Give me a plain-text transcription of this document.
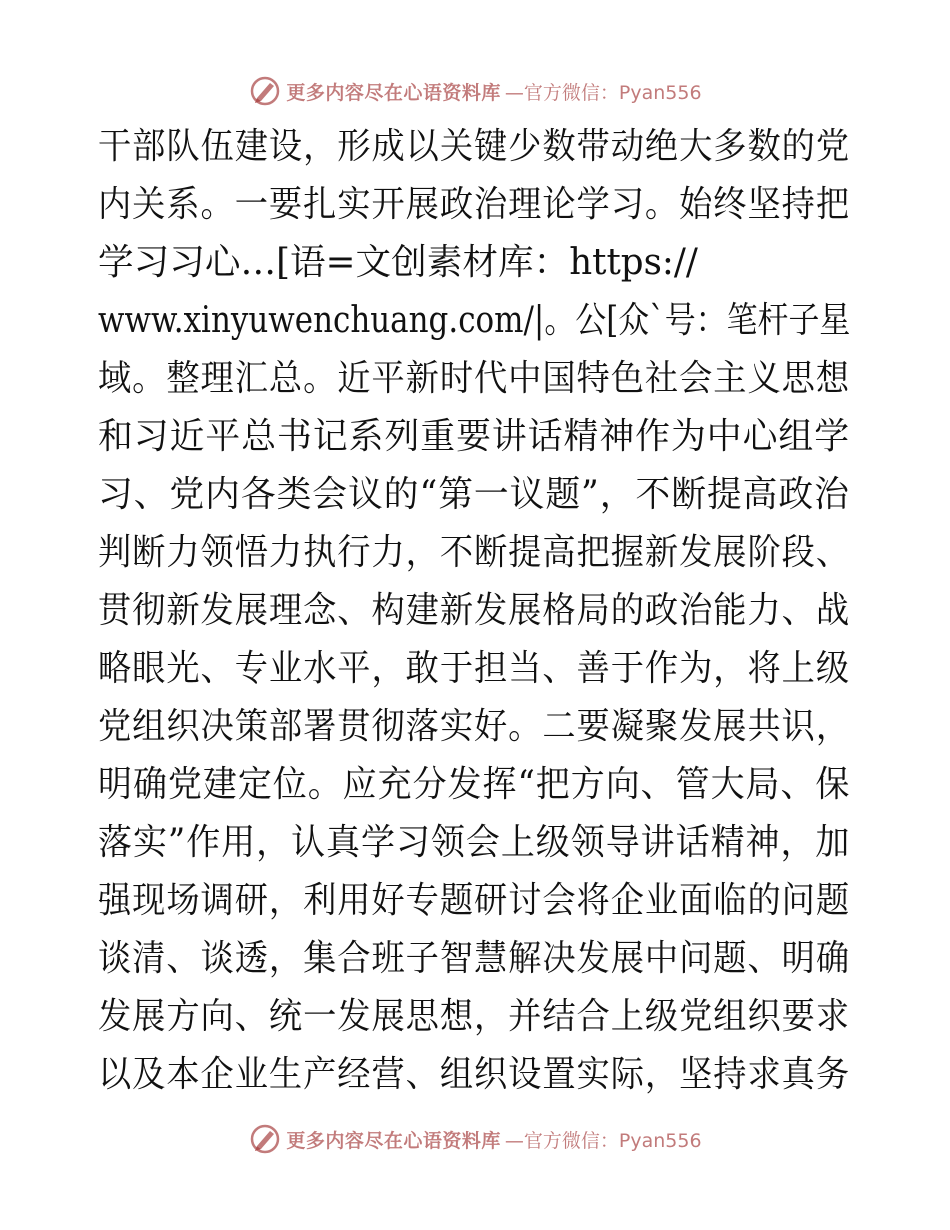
更多内容尽在心语资料库 —官方微信：Pyan556
干部队伍建设，形成以关键少数带动绝大多数的党
内关系。一要扎实开展政治理论学习。始终坚持把
学习习心…[语=文创素材库：https://
www.xinyuwenchuang.com/|。公[众`号：笔杆子星
域。整理汇总。近平新时代中国特色社会主义思想
和习近平总书记系列重要讲话精神作为中心组学
习、党内各类会议的“第一议题”，不断提高政治
判断力领悟力执行力，不断提高把握新发展阶段、
贯彻新发展理念、构建新发展格局的政治能力、战
略眼光、专业水平，敢于担当、善于作为，将上级
党组织决策部署贯彻落实好。二要凝聚发展共识，
明确党建定位。应充分发挥“把方向、管大局、保
落实”作用，认真学习领会上级领导讲话精神，加
强现场调研，利用好专题研讨会将企业面临的问题
谈清、谈透，集合班子智慧解决发展中问题、明确
发展方向、统一发展思想，并结合上级党组织要求
以及本企业生产经营、组织设置实际，坚持求真务
更多内容尽在心语资料库 —官方微信：Pyan556
